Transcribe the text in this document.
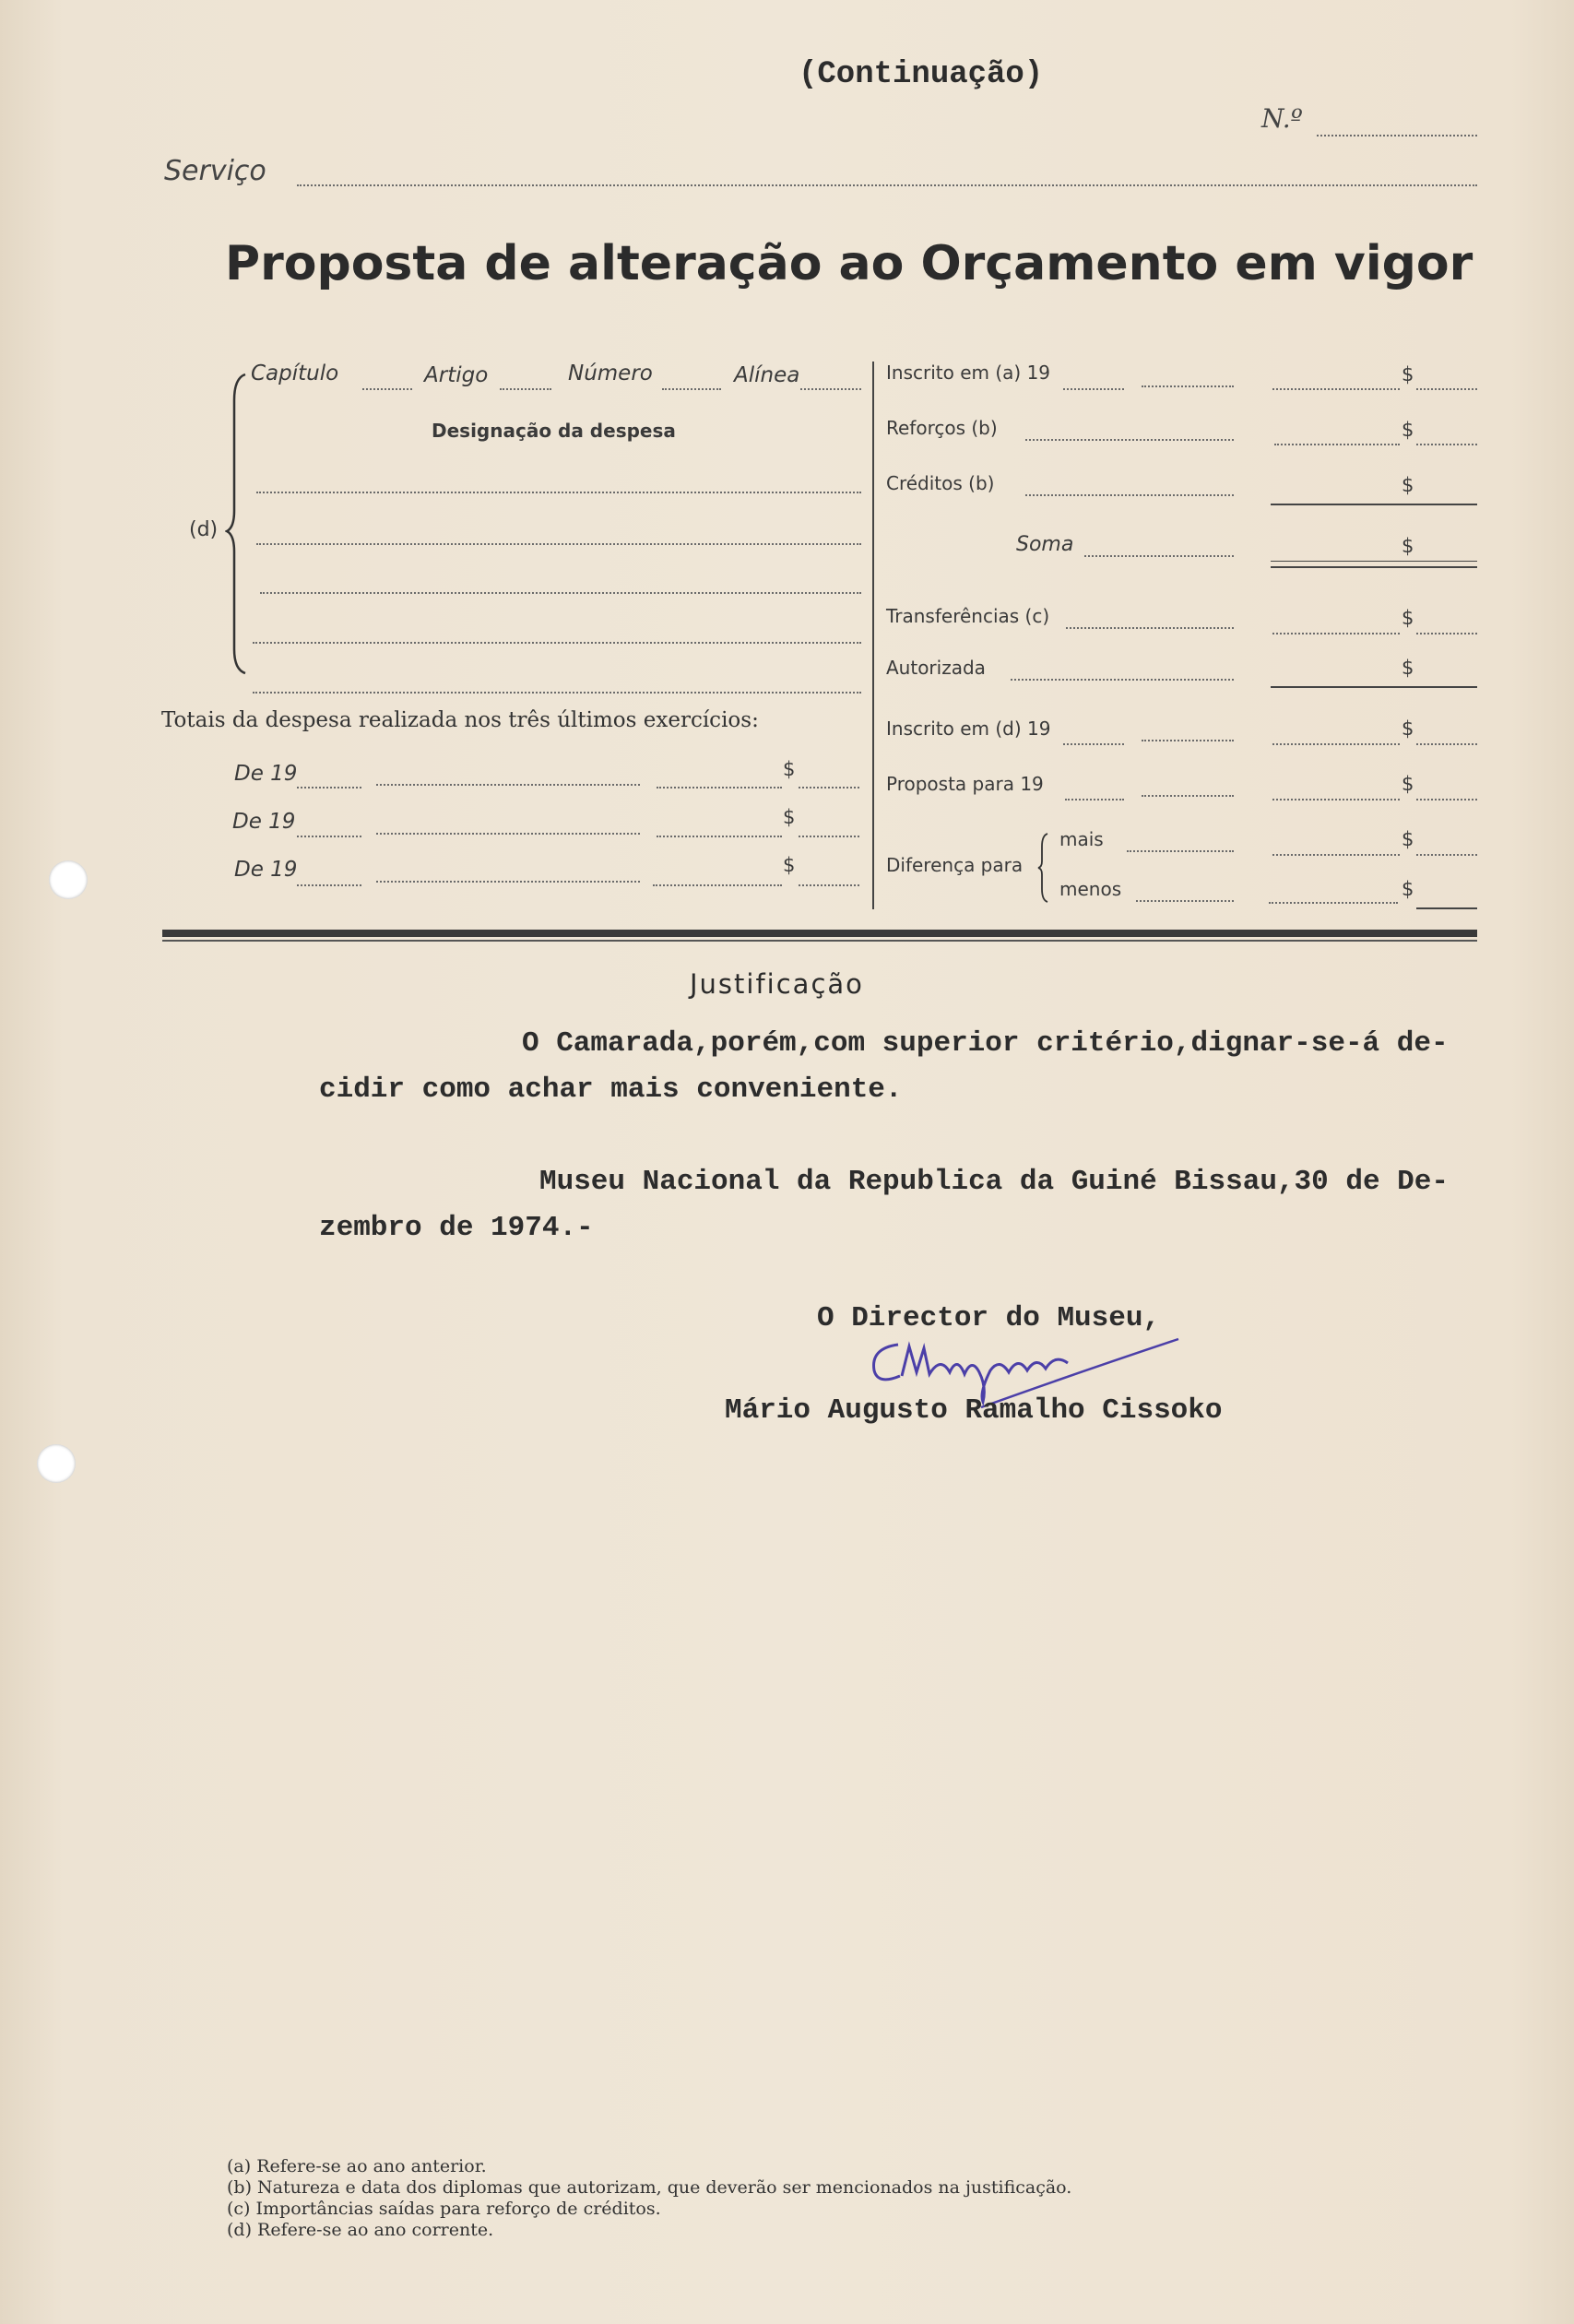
(Continuação)
N.º
Serviço
Proposta de alteração ao Orçamento em vigor
Capítulo	Artigo	Número	Alínea
Designação da despesa
(d)
Totais da despesa realizada nos três últimos exercícios:
De 19	$
De 19	$
De 19	$
Inscrito em (a) 19	$
Reforços (b)	$
Créditos (b)	$
Soma	$
Transferências (c)	$
Autorizada	$
Inscrito em (d) 19	$
Proposta para 19	$
Diferença para
mais	$
menos	$
Justificação
O Camarada,porém,com superior critério,dignar-se-á de-
cidir como achar mais conveniente.
Museu Nacional da Republica da Guiné Bissau,30 de De-
zembro de 1974.-
O Director do Museu,
Mário Augusto Ramalho Cissoko
(a) Refere-se ao ano anterior.
(b) Natureza e data dos diplomas que autorizam, que deverão ser mencionados na justificação.
(c) Importâncias saídas para reforço de créditos.
(d) Refere-se ao ano corrente.
